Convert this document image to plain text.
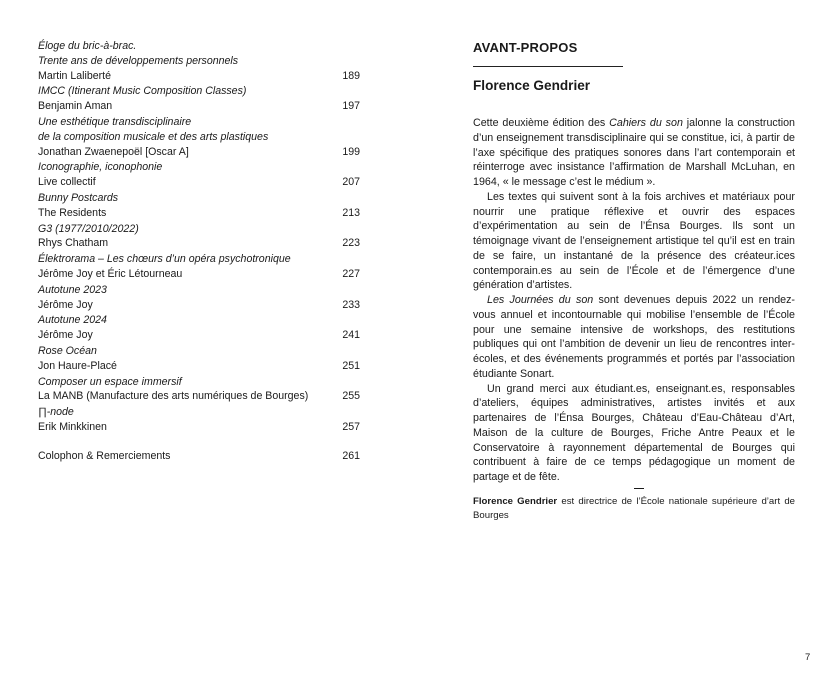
Éloge du bric-à-brac.
Trente ans de développements personnels
Martin Laliberté	189
IMCC (Itinerant Music Composition Classes)
Benjamin Aman	197
Une esthétique transdisciplinaire
de la composition musicale et des arts plastiques
Jonathan Zwaenepoël [Oscar A]	199
Iconographie, iconophonie
Live collectif	207
Bunny Postcards
The Residents	213
G3 (1977/2010/2022)
Rhys Chatham	223
Élektrorama – Les chœurs d’un opéra psychotronique
Jérôme Joy et Éric Létourneau	227
Autotune 2023
Jérôme Joy	233
Autotune 2024
Jérôme Joy	241
Rose Océan
Jon Haure-Placé	251
Composer un espace immersif
La MANB (Manufacture des arts numériques de Bourges)	255
∏-node
Erik Minkkinen	257
Colophon & Remerciements	261
AVANT-PROPOS
Florence Gendrier

Cette deuxième édition des Cahiers du son jalonne la construction d’un enseignement transdisciplinaire qui se constitue, ici, à partir de l’axe spécifique des pratiques sonores dans l’art contemporain et réinterroge avec insistance l’affirmation de Marshall McLuhan, en 1964, « le message c’est le médium ».

Les textes qui suivent sont à la fois archives et matériaux pour nourrir une pratique réflexive et ouvrir des espaces d’expérimentation au sein de l’Énsa Bourges. Ils sont un témoignage vivant de l’enseignement artistique tel qu’il est en train de se faire, un instantané de la présence des créateur.ices contemporain.es au sein de l’École et de l’émergence d’une génération d’artistes.

Les Journées du son sont devenues depuis 2022 un rendez-vous annuel et incontournable qui mobilise l’ensemble de l’École pour une semaine intensive de workshops, des restitutions publiques qui ont l’ambition de devenir un lieu de rencontres inter-écoles, et des événements programmés et portés par l’association étudiante Sonart.

Un grand merci aux étudiant.es, enseignant.es, responsables d’ateliers, équipes administratives, artistes invités et aux partenaires de l’Énsa Bourges, Château d’Eau-Château d’Art, Maison de la culture de Bourges, Friche Antre Peaux et le Conservatoire à rayonnement départemental de Bourges qui contribuent à faire de ce temps pédagogique un moment de partage et de fête.

—
Florence Gendrier est directrice de l’École nationale supérieure d’art de Bourges
7
